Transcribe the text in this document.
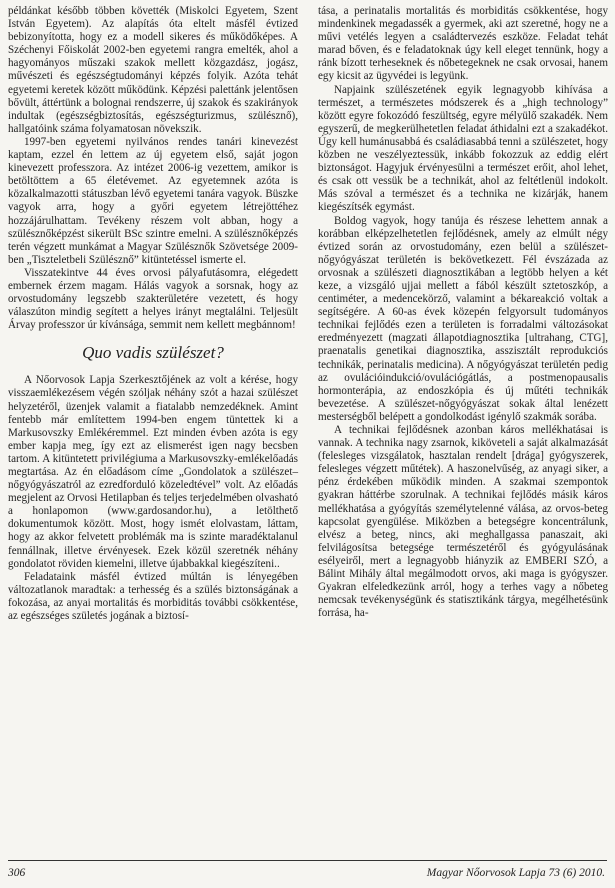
példánkat később többen követték (Miskolci Egyetem, Szent István Egyetem). Az alapítás óta eltelt másfél évtized bebizonyította, hogy ez a modell sikeres és működőképes. A Széchenyi Főiskolát 2002-ben egyetemi rangra emelték, ahol a hagyományos műszaki szakok mellett közgazdász, jogász, művészeti és egészségtudományi képzés folyik. Azóta tehát egyetemi keretek között működünk. Képzési palettánk jelentősen bővült, áttértünk a bolognai rendszerre, új szakok és szakirányok indultak (egészségbiztosítás, egészségturizmus, szülésznő), hallgatóink száma folyamatosan növekszik.

1997-ben egyetemi nyilvános rendes tanári kinevezést kaptam, ezzel én lettem az új egyetem első, saját jogon kinevezett professzora. Az intézet 2006-ig vezettem, amikor is betöltöttem a 65 életévemet. Az egyetemnek azóta is közalkalmazotti státuszban lévő egyetemi tanára vagyok. Büszke vagyok arra, hogy a győri egyetem létrejöttéhez hozzájárulhattam. Tevékeny részem volt abban, hogy a szülésznőképzést sikerült BSc szintre emelni. A szülésznőképzés terén végzett munkámat a Magyar Szülésznők Szövetsége 2009-ben „Tiszteletbeli Szülésznő” kitüntetéssel ismerte el.

Visszatekintve 44 éves orvosi pályafutásomra, elégedett embernek érzem magam. Hálás vagyok a sorsnak, hogy az orvostudomány legszebb szakterületére vezetett, és hogy válaszúton mindig segített a helyes irányt megtalálni. Teljesült Árvay professzor úr kívánsága, semmit nem kellett megbánnom!

Quo vadis szülészet?

A Nőorvosok Lapja Szerkesztőjének az volt a kérése, hogy visszaemlékezésem végén szóljak néhány szót a hazai szülészet helyzetéről, üzenjek valamit a fiatalabb nemzedéknek. Amint fentebb már említettem 1994-ben engem tüntettek ki a Markusovszky Emlékéremmel. Ezt minden évben azóta is egy ember kapja meg, így ezt az elismerést igen nagy becsben tartom. A kitüntetett privilégiuma a Markusovszky-emlékelőadás megtartása. Az én előadásom címe „Gondolatok a szülészet–nőgyógyászatról az ezredforduló közeledtével” volt. Az előadás megjelent az Orvosi Hetilapban és teljes terjedelmében olvasható a honlapomon (www.gardosandor.hu), a letölthető dokumentumok között. Most, hogy ismét elolvastam, láttam, hogy az akkor felvetett problémák ma is szinte maradéktalanul fennállnak, illetve érvényesek. Ezek közül szeretnék néhány gondolatot röviden kiemelni, illetve újabbakkal kiegészíteni..

Feladataink másfél évtized múltán is lényegében változatlanok maradtak: a terhesség és a szülés biztonságának a fokozása, az anyai mortalitás és morbiditás további csökkentése, az egészséges születés jogának a biztosí-

tása, a perinatalis mortalitás és morbiditás csökkentése, hogy mindenkinek megadassék a gyermek, aki azt szeretné, hogy ne a művi vetélés legyen a családtervezés eszköze. Feladat tehát marad bőven, és e feladatoknak úgy kell eleget tennünk, hogy a ránk bízott terheseknek és nőbetegeknek ne csak orvosai, hanem egy kicsit az ügyvédei is legyünk.

Napjaink szülészetének egyik legnagyobb kihívása a természet, a természetes módszerek és a „high technology” között egyre fokozódó feszültség, egyre mélyülő szakadék. Nem egyszerű, de megkerülhetetlen feladat áthidalni ezt a szakadékot. Úgy kell humánusabbá és családiasabbá tenni a szülészetet, hogy közben ne veszélyeztessük, inkább fokozzuk az eddig elért biztonságot. Hagyjuk érvényesülni a természet erőit, ahol lehet, és csak ott vessük be a technikát, ahol az feltétlenül indokolt. Más szóval a természet és a technika ne kizárják, hanem kiegészítsék egymást.

Boldog vagyok, hogy tanúja és részese lehettem annak a korábban elképzelhetetlen fejlődésnek, amely az elmúlt négy évtized során az orvostudomány, ezen belül a szülészet-nőgyógyászat területén is bekövetkezett. Fél évszázada az orvosnak a szülészeti diagnosztikában a legtöbb helyen a két keze, a vizsgáló ujjai mellett a fából készült sztetoszkóp, a centiméter, a medencekörző, valamint a békareakció voltak a segítségére. A 60-as évek közepén felgyorsult tudományos technikai fejlődés ezen a területen is forradalmi változásokat eredményezett (magzati állapotdiagnosztika [ultrahang, CTG], praenatalis genetikai diagnosztika, asszisztált reprodukciós technikák, perinatalis medicina). A nőgyógyászat területén pedig az ovulációindukció/ovulációgátlás, a postmenopausalis hormonterápia, az endoszkópia és új műtéti technikák bevezetése. A szülészet-nőgyógyászat sokak által lenézett mesterségből belépett a gondolkodást igénylő szakmák sorába.

A technikai fejlődésnek azonban káros mellékhatásai is vannak. A technika nagy zsarnok, kiköveteli a saját alkalmazását (felesleges vizsgálatok, hasztalan rendelt [drága] gyógyszerek, felesleges végzett műtétek). A haszonelvűség, az anyagi siker, a pénz érdekében működik minden. A szakmai szempontok gyakran háttérbe szorulnak. A technikai fejlődés másik káros mellékhatása a gyógyítás személytelenné válása, az orvos-beteg kapcsolat gyengülése. Miközben a betegségre koncentrálunk, elvész a beteg, nincs, aki meghallgassa panaszait, aki felvilágosítsa betegsége természetéről és gyógyulásának esélyeiről, mert a legnagyobb hiányzik az EMBERI SZÓ, a Bálint Mihály által megálmodott orvos, aki maga is gyógyszer. Gyakran elfeledkezünk arról, hogy a terhes vagy a nőbeteg nemcsak tevékenységünk és statisztikánk tárgya, megélhetésünk forrása, ha-

306	Magyar Nőorvosok Lapja 73 (6) 2010.
